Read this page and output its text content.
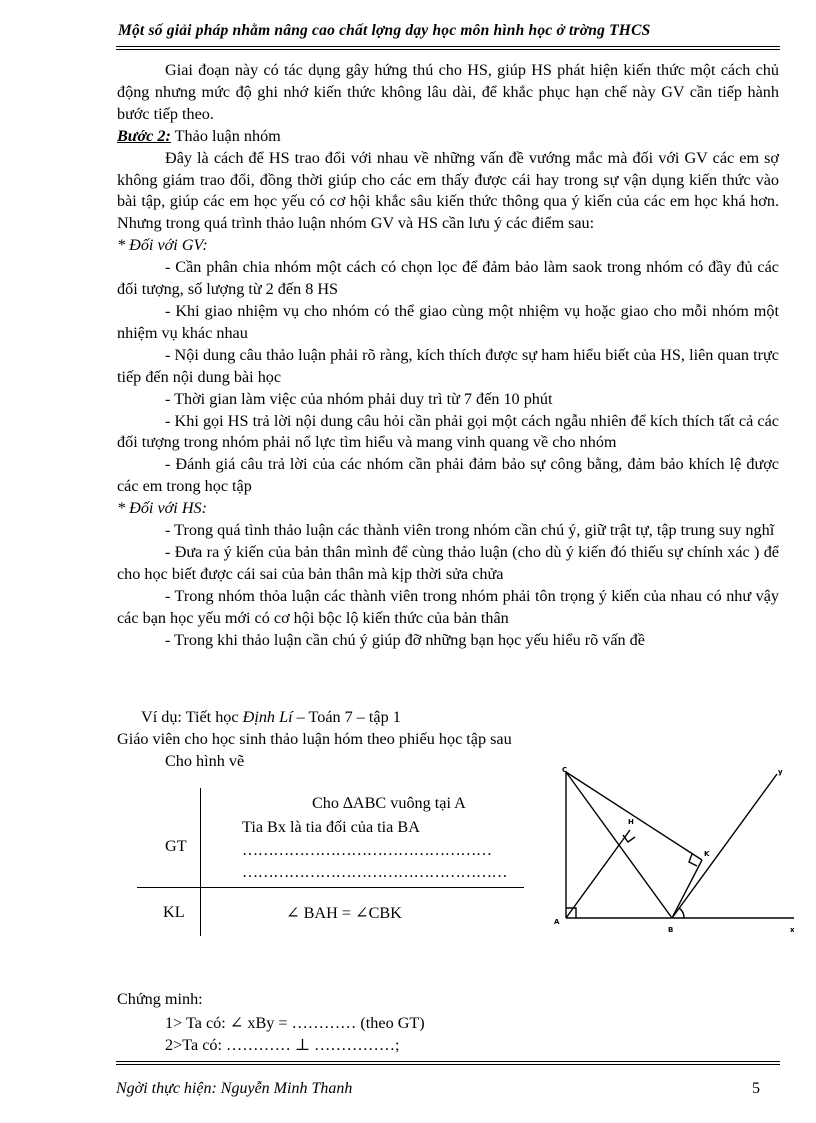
Một số giải pháp nhằm nâng cao chất lợng dạy học môn hình học ở trờng THCS

Giai đoạn này có tác dụng gây hứng thú cho HS, giúp HS phát hiện kiến thức một cách chủ động nhưng mức độ ghi nhớ kiến thức không lâu dài, để khắc phục hạn chế này GV cần tiếp hành bước tiếp theo.

Bước 2: Thảo luận nhóm

Đây là cách để HS trao đổi với nhau về những vấn đề vướng mắc mà đối với GV các em sợ không giám trao đổi, đồng thời giúp cho các em thấy được cái hay trong sự vận dụng kiến thức vào bài tập, giúp các em học yếu có cơ hội khắc sâu kiến thức thông qua ý kiến của các em học khá hơn. Nhưng trong quá trình thảo luận nhóm GV và HS cần lưu ý các điểm sau:

* Đối với GV:

- Cần phân chia nhóm một cách có chọn lọc để đảm bảo làm saok trong nhóm có đầy đủ các đối tượng, số lượng từ 2 đến 8 HS

- Khi giao nhiệm vụ cho nhóm có thể giao cùng một nhiệm vụ hoặc giao cho mỗi nhóm một nhiệm vụ khác nhau

- Nội dung câu thảo luận phải rõ ràng, kích thích được sự ham hiểu biết của HS, liên quan trực tiếp đến nội dung bài học

- Thời gian làm việc của nhóm phải duy trì từ 7 đến 10 phút

- Khi gọi HS trả lời nội dung câu hỏi cần phải gọi một cách ngẫu nhiên để kích thích tất cả các đối tượng trong nhóm phải nổ lực tìm hiểu và mang vinh quang về cho nhóm

- Đánh giá câu trả lời của các nhóm cần phải đảm bảo sự công bằng, đảm bảo khích lệ được các em trong học tập

* Đối với HS:

- Trong quá tình thảo luận các thành viên trong nhóm cần chú ý, giữ trật tự, tập trung suy nghĩ

- Đưa ra ý kiến của bản thân mình để cùng thảo luận (cho dù ý kiến đó thiếu sự chính xác ) để cho học biết được cái sai của bản thân mà kịp thời sửa chửa

- Trong nhóm thỏa luận các thành viên trong nhóm phải tôn trọng ý kiến của nhau có như vậy các bạn học yếu mới có cơ hội bộc lộ kiến thức của bản thân

- Trong khi thảo luận cần chú ý giúp đỡ những bạn học yếu hiểu rõ vấn đề

Ví dụ: Tiết học Định Lí – Toán 7 – tập 1
Giáo viên cho học sinh thảo luận hóm theo phiếu học tập sau
Cho hình vẽ
GT
KL
Cho ∆ABC vuông tại A
Tia Bx là tia đối của tia BA
…………………………………………
……………………………………………
∠ BAH = ∠CBK
C
H
K
A
B	x
y
Chứng minh:
1> Ta có: ∠ xBy = ………… (theo GT)
2>Ta có: ………… ⊥ ……………;
Ngời thực hiện: Nguyễn Minh Thanh	5
